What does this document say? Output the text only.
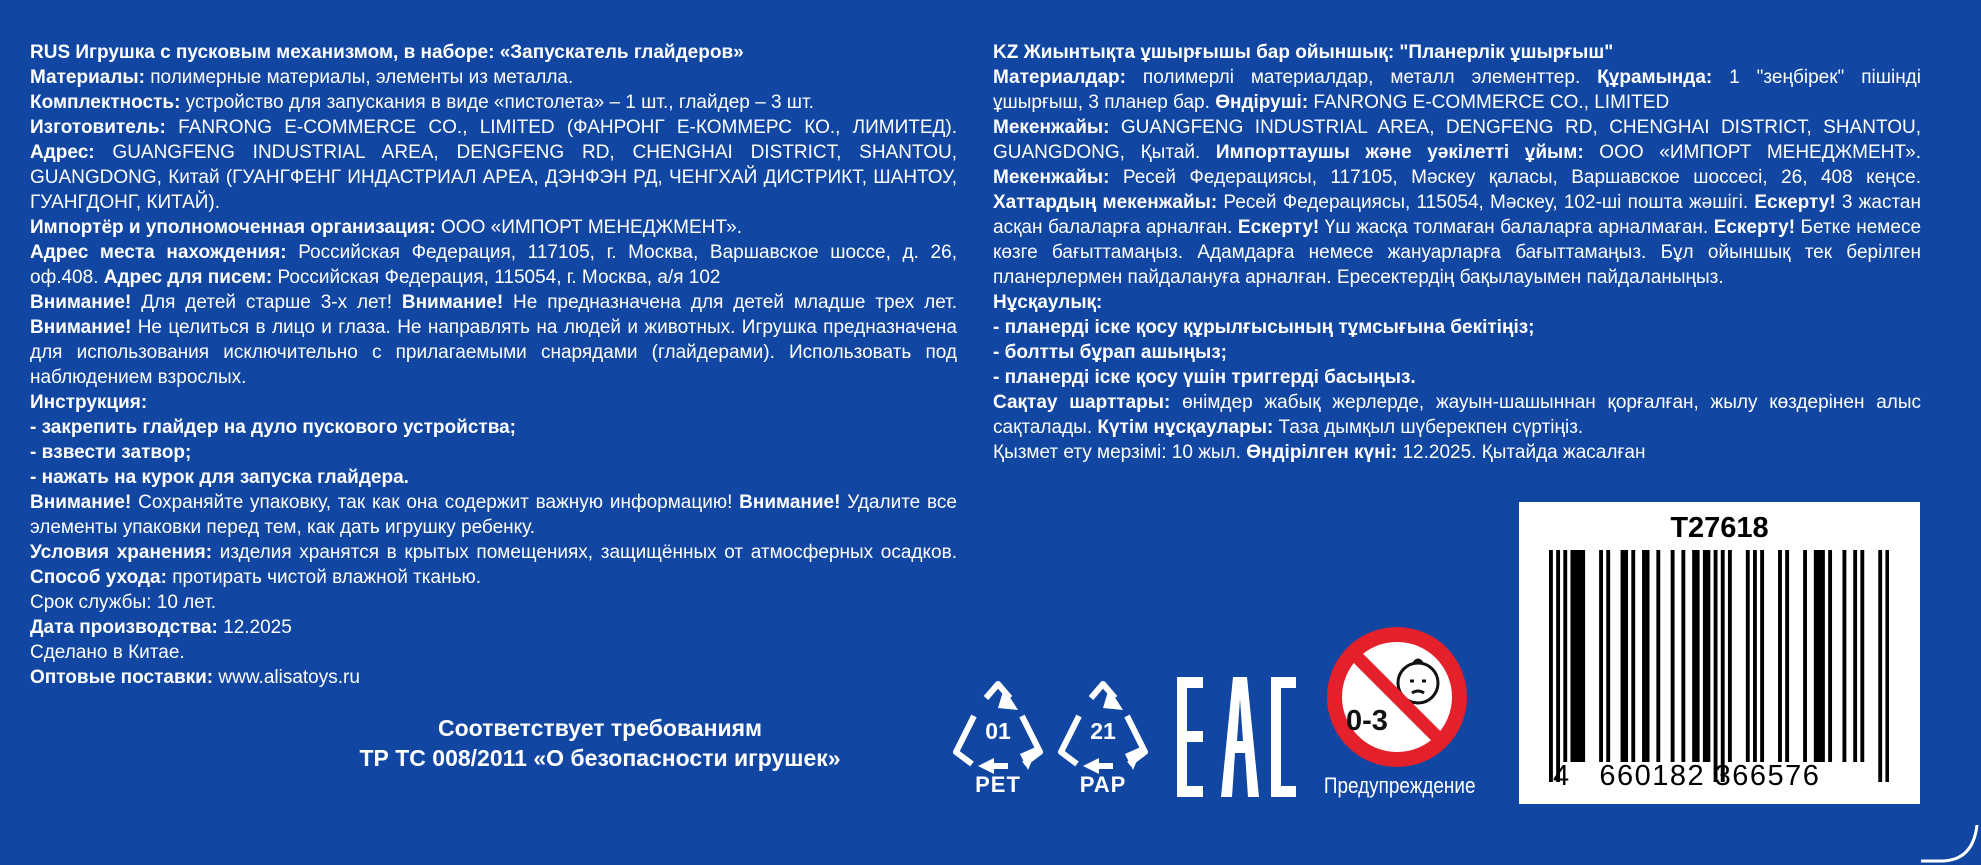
RUS Игрушка с пусковым механизмом, в наборе: «Запускатель глайдеров»

Материалы: полимерные материалы, элементы из металла.

Комплектность: устройство для запускания в виде «пистолета» – 1 шт., глайдер – 3 шт.

Изготовитель: FANRONG E-COMMERCE CO., LIMITED (ФАНРОНГ Е-КОММЕРС КО., ЛИМИТЕД). Адрес: GUANGFENG INDUSTRIAL AREA, DENGFENG RD, CHENGHAI DISTRICT, SHANTOU, GUANGDONG, Китай (ГУАНГФЕНГ ИНДАСТРИАЛ АРЕА, ДЭНФЭН РД, ЧЕНГХАЙ ДИСТРИКТ, ШАНТОУ, ГУАНГДОНГ, КИТАЙ).

Импортёр и уполномоченная организация: ООО «ИМПОРТ МЕНЕДЖМЕНТ».

Адрес места нахождения: Российская Федерация, 117105, г. Москва, Варшавское шоссе, д. 26, оф.408. Адрес для писем: Российская Федерация, 115054, г. Москва, а/я 102

Внимание! Для детей старше 3-х лет! Внимание! Не предназначена для детей младше трех лет. Внимание! Не целиться в лицо и глаза. Не направлять на людей и животных. Игрушка предназначена для использования исключительно с прилагаемыми снарядами (глайдерами). Использовать под наблюдением взрослых.

Инструкция:

- закрепить глайдер на дуло пускового устройства;

- взвести затвор;

- нажать на курок для запуска глайдера.

Внимание! Сохраняйте упаковку, так как она содержит важную информацию! Внимание! Удалите все элементы упаковки перед тем, как дать игрушку ребенку.

Условия хранения: изделия хранятся в крытых помещениях, защищённых от атмосферных осадков. Способ ухода: протирать чистой влажной тканью.

Срок службы: 10 лет.

Дата производства: 12.2025

Сделано в Китае.

Оптовые поставки: www.alisatoys.ru

KZ Жиынтықта ұшырғышы бар ойыншық: "Планерлік ұшырғыш"

Материалдар: полимерлі материалдар, металл элементтер. Құрамында: 1 "зеңбірек" пішінді ұшырғыш, 3 планер бар. Өндіруші: FANRONG E-COMMERCE CO., LIMITED

Мекенжайы: GUANGFENG INDUSTRIAL AREA, DENGFENG RD, CHENGHAI DISTRICT, SHANTOU, GUANGDONG, Қытай. Импорттаушы және уәкілетті ұйым: ООО «ИМПОРТ МЕНЕДЖМЕНТ». Мекенжайы: Ресей Федерациясы, 117105, Мәскеу қаласы, Варшавское шоссесі, 26, 408 кеңсе. Хаттардың мекенжайы: Ресей Федерациясы, 115054, Мәскеу, 102-ші пошта жәшігі. Ескерту! 3 жастан асқан балаларға арналған. Ескерту! Үш жасқа толмаған балаларға арналмаған. Ескерту! Бетке немесе көзге бағыттамаңыз. Адамдарға немесе жануарларға бағыттамаңыз. Бұл ойыншық тек берілген планерлермен пайдалануға арналған. Ересектердің бақылауымен пайдаланыңыз.

Нұсқаулық:

- планерді іске қосу құрылғысының тұмсығына бекітіңіз;

- болтты бұрап ашыңыз;

- планерді іске қосу үшін триггерді басыңыз.

Сақтау шарттары: өнімдер жабық жерлерде, жауын-шашыннан қорғалған, жылу көздерінен алыс сақталады. Күтім нұсқаулары: Таза дымқыл шүберекпен сүртіңіз.

Қызмет ету мерзімі: 10 жыл. Өндірілген күні: 12.2025. Қытайда жасалған

Соответствует требованиям
ТР ТС 008/2011 «О безопасности игрушек»
01
PET
21
PAP
0-3
Предупреждение
T27618
4 660182 366576
